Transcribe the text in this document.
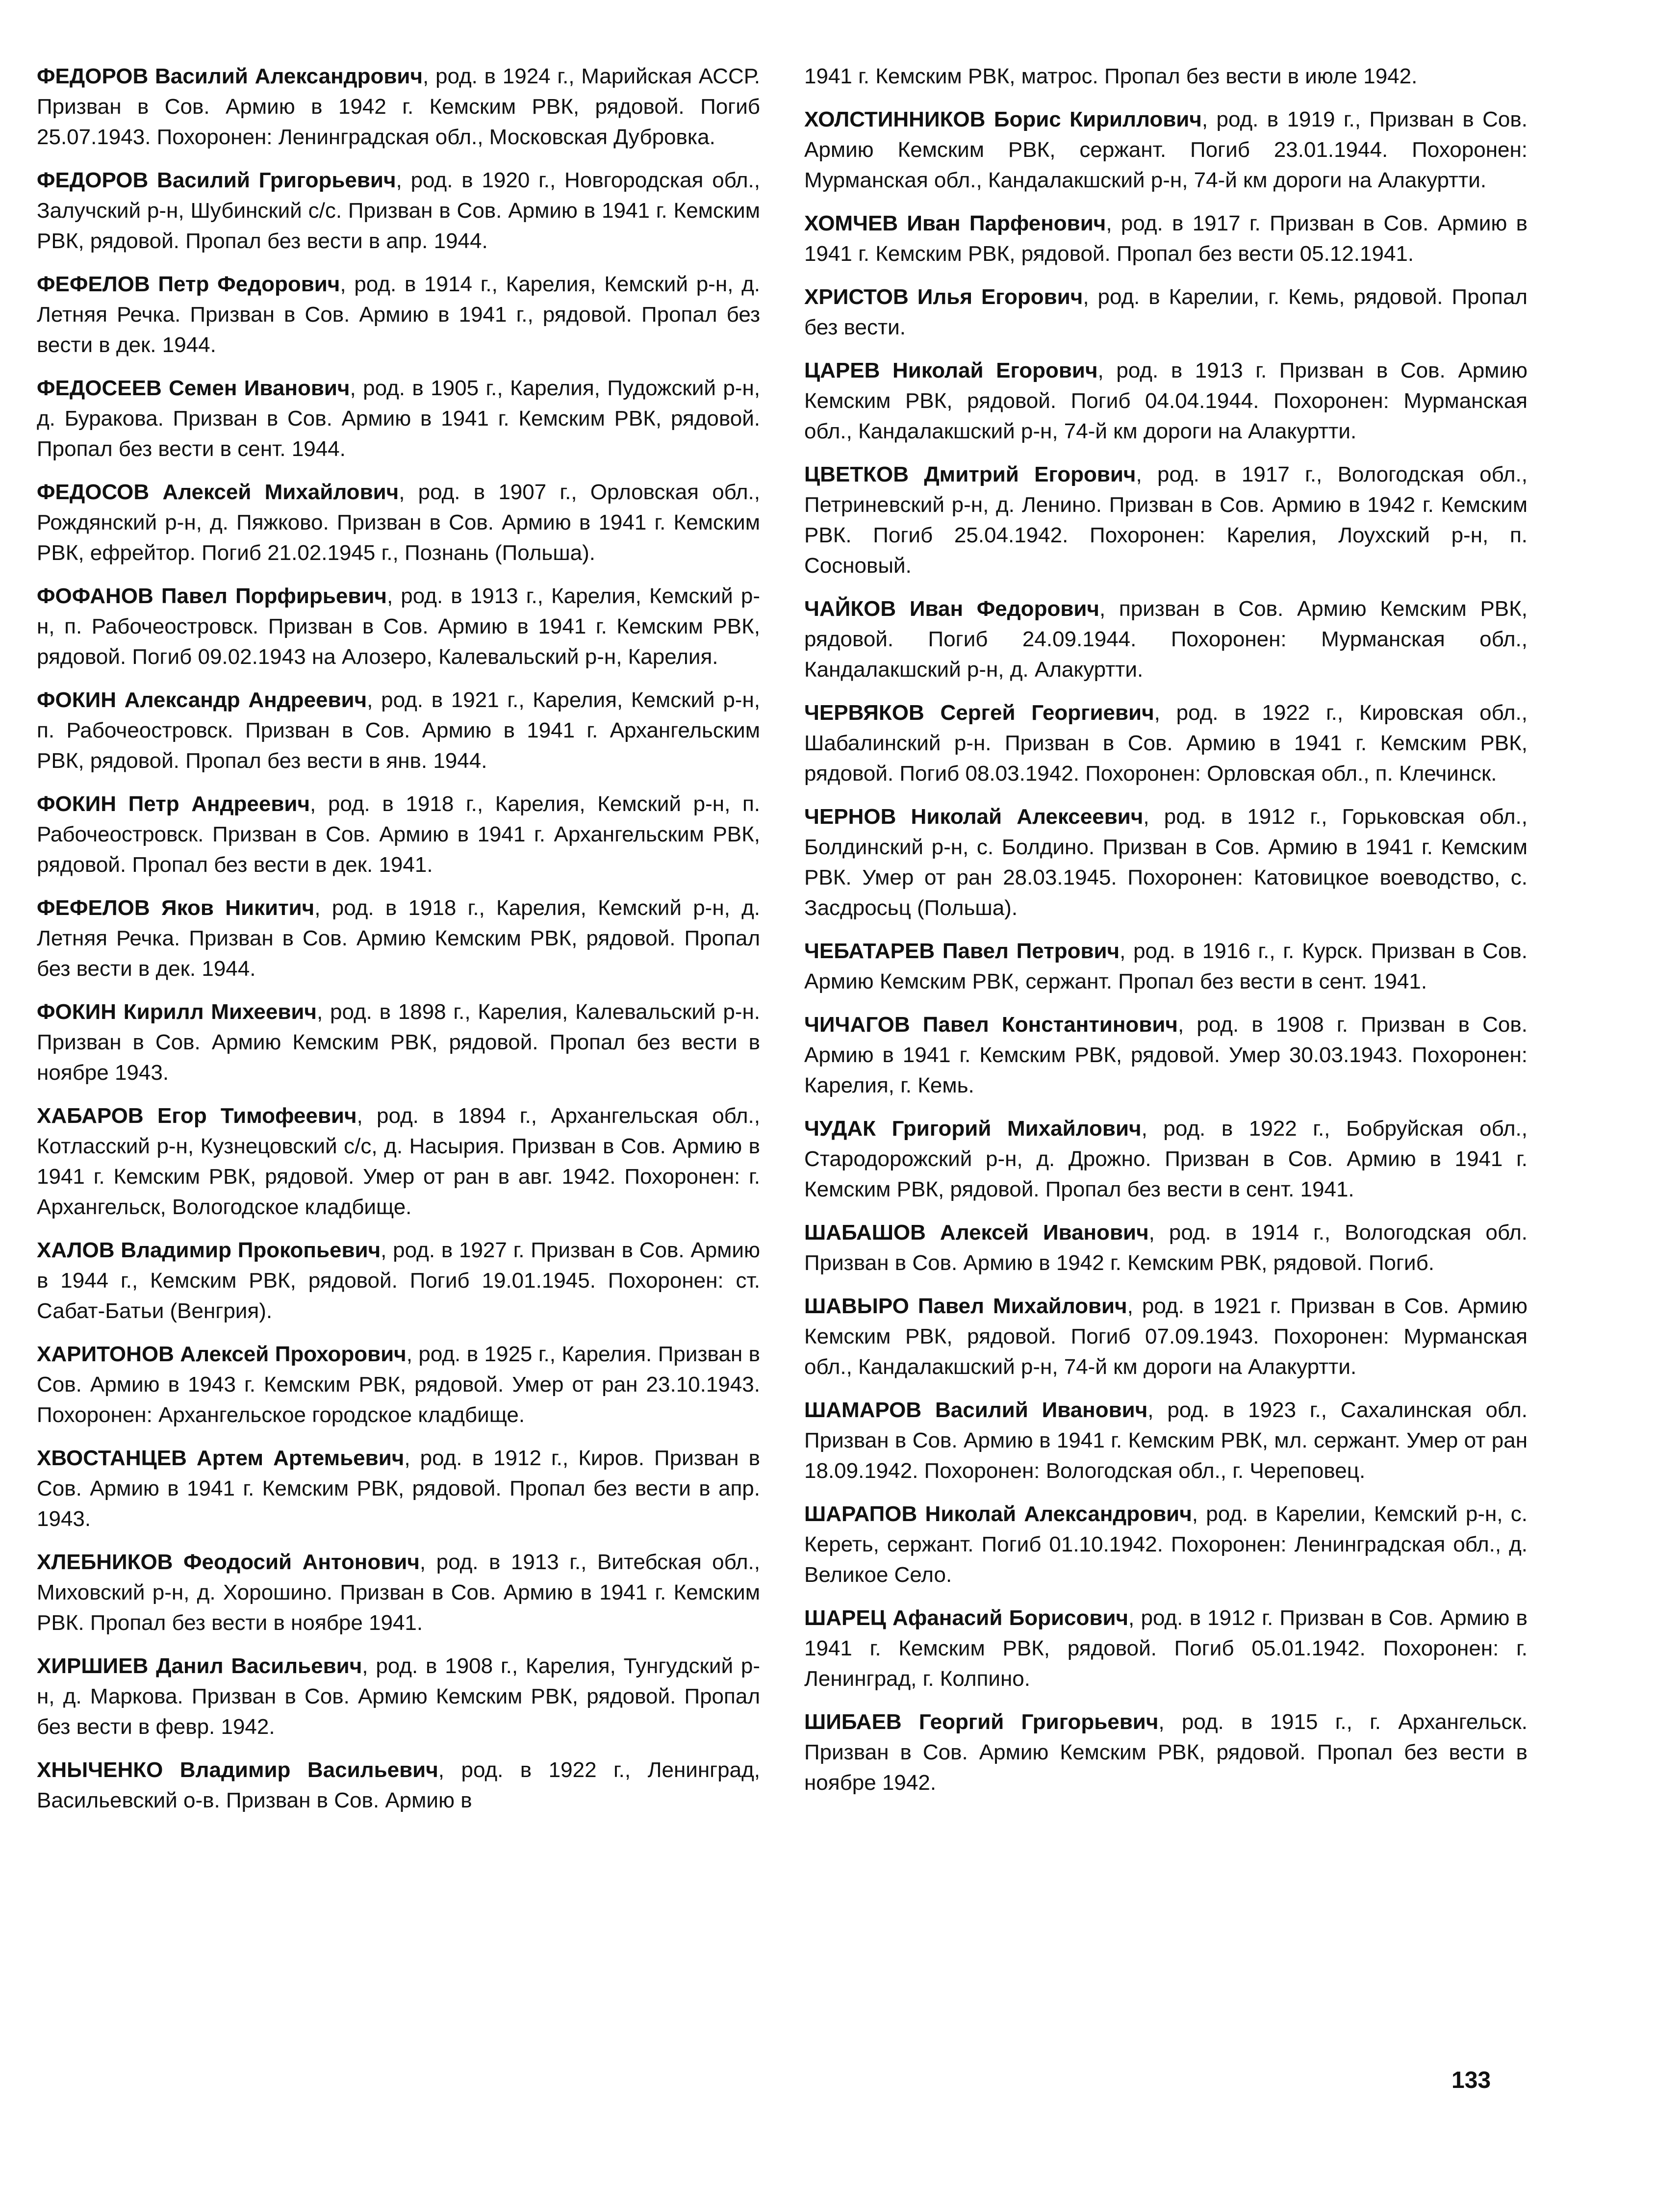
ФЕДОРОВ Василий Александрович, род. в 1924 г., Марийская АССР. Призван в Сов. Армию в 1942 г. Кемским РВК, рядовой. Погиб 25.07.1943. Похоронен: Ленинградская обл., Московская Дубровка.

ФЕДОРОВ Василий Григорьевич, род. в 1920 г., Новгородская обл., Залучский р-н, Шубинский с/с. Призван в Сов. Армию в 1941 г. Кемским РВК, рядовой. Пропал без вести в апр. 1944.

ФЕФЕЛОВ Петр Федорович, род. в 1914 г., Карелия, Кемский р-н, д. Летняя Речка. Призван в Сов. Армию в 1941 г., рядовой. Пропал без вести в дек. 1944.

ФЕДОСЕЕВ Семен Иванович, род. в 1905 г., Карелия, Пудожский р-н, д. Буракова. Призван в Сов. Армию в 1941 г. Кемским РВК, рядовой. Пропал без вести в сент. 1944.

ФЕДОСОВ Алексей Михайлович, род. в 1907 г., Орловская обл., Рождянский р-н, д. Пяжково. Призван в Сов. Армию в 1941 г. Кемским РВК, ефрейтор. Погиб 21.02.1945 г., Познань (Польша).

ФОФАНОВ Павел Порфирьевич, род. в 1913 г., Карелия, Кемский р-н, п. Рабочеостровск. Призван в Сов. Армию в 1941 г. Кемским РВК, рядовой. Погиб 09.02.1943 на Алозеро, Калевальский р-н, Карелия.

ФОКИН Александр Андреевич, род. в 1921 г., Карелия, Кемский р-н, п. Рабочеостровск. Призван в Сов. Армию в 1941 г. Архангельским РВК, рядовой. Пропал без вести в янв. 1944.

ФОКИН Петр Андреевич, род. в 1918 г., Карелия, Кемский р-н, п. Рабочеостровск. Призван в Сов. Армию в 1941 г. Архангельским РВК, рядовой. Пропал без вести в дек. 1941.

ФЕФЕЛОВ Яков Никитич, род. в 1918 г., Карелия, Кемский р-н, д. Летняя Речка. Призван в Сов. Армию Кемским РВК, рядовой. Пропал без вести в дек. 1944.

ФОКИН Кирилл Михеевич, род. в 1898 г., Карелия, Калевальский р-н. Призван в Сов. Армию Кемским РВК, рядовой. Пропал без вести в ноябре 1943.

ХАБАРОВ Егор Тимофеевич, род. в 1894 г., Архангельская обл., Котласский р-н, Кузнецовский с/с, д. Насырия. Призван в Сов. Армию в 1941 г. Кемским РВК, рядовой. Умер от ран в авг. 1942. Похоронен: г. Архангельск, Вологодское кладбище.

ХАЛОВ Владимир Прокопьевич, род. в 1927 г. Призван в Сов. Армию в 1944 г., Кемским РВК, рядовой. Погиб 19.01.1945. Похоронен: ст. Сабат-Батьи (Венгрия).

ХАРИТОНОВ Алексей Прохорович, род. в 1925 г., Карелия. Призван в Сов. Армию в 1943 г. Кемским РВК, рядовой. Умер от ран 23.10.1943. Похоронен: Архангельское городское кладбище.

ХВОСТАНЦЕВ Артем Артемьевич, род. в 1912 г., Киров. Призван в Сов. Армию в 1941 г. Кемским РВК, рядовой. Пропал без вести в апр. 1943.

ХЛЕБНИКОВ Феодосий Антонович, род. в 1913 г., Витебская обл., Миховский р-н, д. Хорошино. Призван в Сов. Армию в 1941 г. Кемским РВК. Пропал без вести в ноябре 1941.

ХИРШИЕВ Данил Васильевич, род. в 1908 г., Карелия, Тунгудский р-н, д. Маркова. Призван в Сов. Армию Кемским РВК, рядовой. Пропал без вести в февр. 1942.

ХНЫЧЕНКО Владимир Васильевич, род. в 1922 г., Ленинград, Васильевский о-в. Призван в Сов. Армию в

1941 г. Кемским РВК, матрос. Пропал без вести в июле 1942.

ХОЛСТИННИКОВ Борис Кириллович, род. в 1919 г., Призван в Сов. Армию Кемским РВК, сержант. Погиб 23.01.1944. Похоронен: Мурманская обл., Кандалакшский р-н, 74-й км дороги на Алакуртти.

ХОМЧЕВ Иван Парфенович, род. в 1917 г. Призван в Сов. Армию в 1941 г. Кемским РВК, рядовой. Пропал без вести 05.12.1941.

ХРИСТОВ Илья Егорович, род. в Карелии, г. Кемь, рядовой. Пропал без вести.

ЦАРЕВ Николай Егорович, род. в 1913 г. Призван в Сов. Армию Кемским РВК, рядовой. Погиб 04.04.1944. Похоронен: Мурманская обл., Кандалакшский р-н, 74-й км дороги на Алакуртти.

ЦВЕТКОВ Дмитрий Егорович, род. в 1917 г., Вологодская обл., Петриневский р-н, д. Ленино. Призван в Сов. Армию в 1942 г. Кемским РВК. Погиб 25.04.1942. Похоронен: Карелия, Лоухский р-н, п. Сосновый.

ЧАЙКОВ Иван Федорович, призван в Сов. Армию Кемским РВК, рядовой. Погиб 24.09.1944. Похоронен: Мурманская обл., Кандалакшский р-н, д. Алакуртти.

ЧЕРВЯКОВ Сергей Георгиевич, род. в 1922 г., Кировская обл., Шабалинский р-н. Призван в Сов. Армию в 1941 г. Кемским РВК, рядовой. Погиб 08.03.1942. Похоронен: Орловская обл., п. Клечинск.

ЧЕРНОВ Николай Алексеевич, род. в 1912 г., Горьковская обл., Болдинский р-н, с. Болдино. Призван в Сов. Армию в 1941 г. Кемским РВК. Умер от ран 28.03.1945. Похоронен: Катовицкое воеводство, с. Засдросьц (Польша).

ЧЕБАТАРЕВ Павел Петрович, род. в 1916 г., г. Курск. Призван в Сов. Армию Кемским РВК, сержант. Пропал без вести в сент. 1941.

ЧИЧАГОВ Павел Константинович, род. в 1908 г. Призван в Сов. Армию в 1941 г. Кемским РВК, рядовой. Умер 30.03.1943. Похоронен: Карелия, г. Кемь.

ЧУДАК Григорий Михайлович, род. в 1922 г., Бобруйская обл., Стародорожский р-н, д. Дрожно. Призван в Сов. Армию в 1941 г. Кемским РВК, рядовой. Пропал без вести в сент. 1941.

ШАБАШОВ Алексей Иванович, род. в 1914 г., Вологодская обл. Призван в Сов. Армию в 1942 г. Кемским РВК, рядовой. Погиб.

ШАВЫРО Павел Михайлович, род. в 1921 г. Призван в Сов. Армию Кемским РВК, рядовой. Погиб 07.09.1943. Похоронен: Мурманская обл., Кандалакшский р-н, 74-й км дороги на Алакуртти.

ШАМАРОВ Василий Иванович, род. в 1923 г., Сахалинская обл. Призван в Сов. Армию в 1941 г. Кемским РВК, мл. сержант. Умер от ран 18.09.1942. Похоронен: Вологодская обл., г. Череповец.

ШАРАПОВ Николай Александрович, род. в Карелии, Кемский р-н, с. Кереть, сержант. Погиб 01.10.1942. Похоронен: Ленинградская обл., д. Великое Село.

ШАРЕЦ Афанасий Борисович, род. в 1912 г. Призван в Сов. Армию в 1941 г. Кемским РВК, рядовой. Погиб 05.01.1942. Похоронен: г. Ленинград, г. Колпино.

ШИБАЕВ Георгий Григорьевич, род. в 1915 г., г. Архангельск. Призван в Сов. Армию Кемским РВК, рядовой. Пропал без вести в ноябре 1942.

133
